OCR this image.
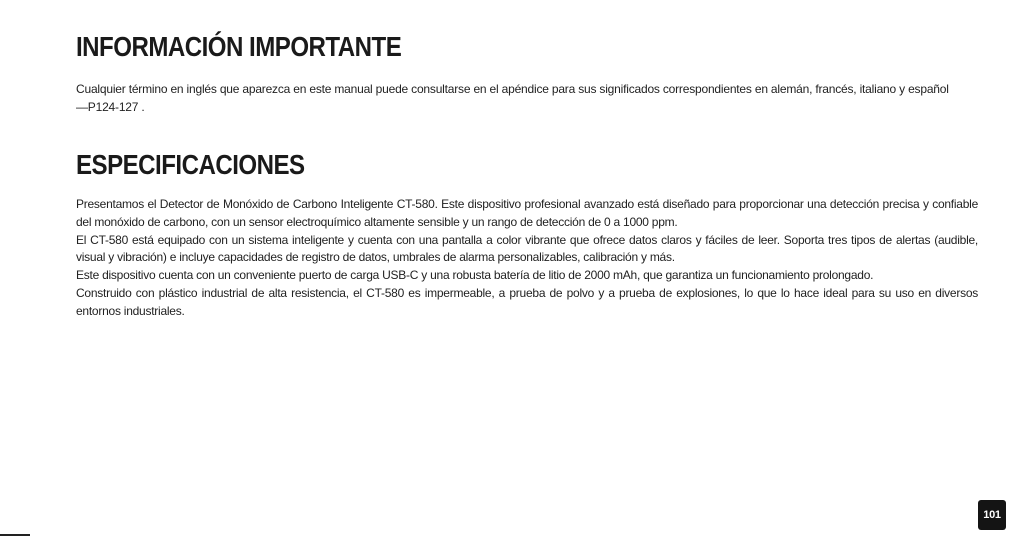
INFORMACIÓN IMPORTANTE

Cualquier término en inglés que aparezca en este manual puede consultarse en el apéndice para sus significados correspondientes en alemán, francés, italiano y español
—P124-127 .

ESPECIFICACIONES

Presentamos el Detector de Monóxido de Carbono Inteligente CT-580. Este dispositivo profesional avanzado está diseñado para proporcionar una detección precisa y confiable del monóxido de carbono, con un sensor electroquímico altamente sensible y un rango de detección de 0 a 1000 ppm.

El CT-580 está equipado con un sistema inteligente y cuenta con una pantalla a color vibrante que ofrece datos claros y fáciles de leer. Soporta tres tipos de alertas (audible, visual y vibración) e incluye capacidades de registro de datos, umbrales de alarma personalizables, calibración y más.

Este dispositivo cuenta con un conveniente puerto de carga USB-C y una robusta batería de litio de 2000 mAh, que garantiza un funcionamiento prolongado.

Construido con plástico industrial de alta resistencia, el CT-580 es impermeable, a prueba de polvo y a prueba de explosiones, lo que lo hace ideal para su uso en diversos entornos industriales.

101
